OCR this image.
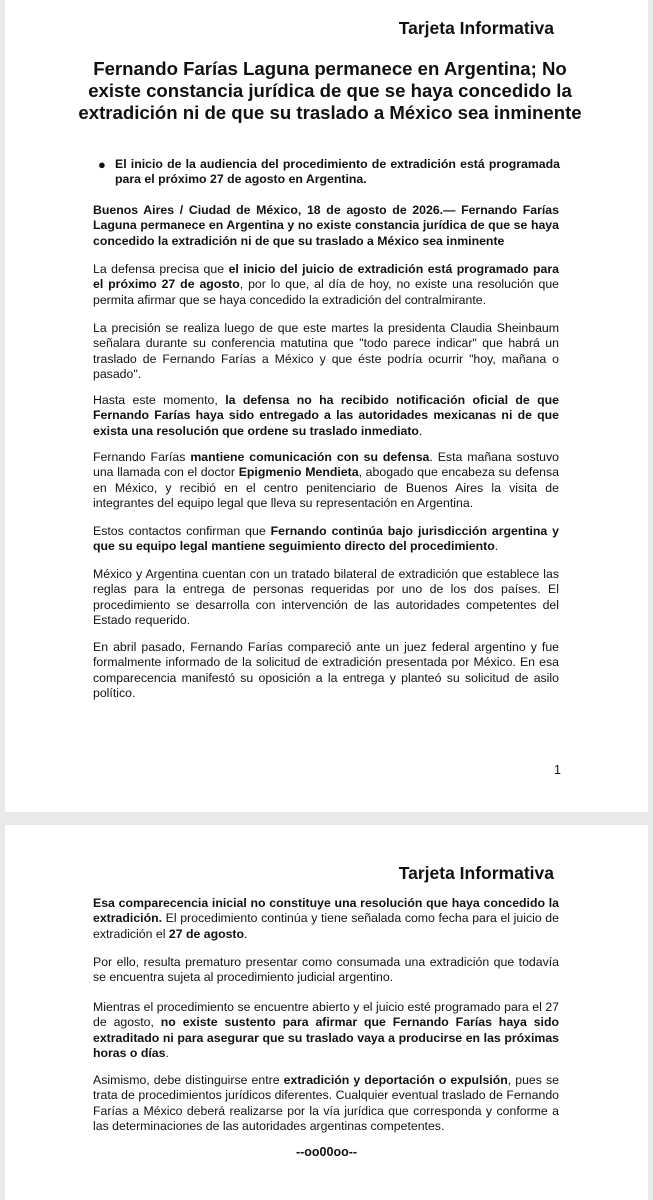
Tarjeta Informativa
Fernando Farías Laguna permanece en Argentina; No existe constancia jurídica de que se haya concedido la extradición ni de que su traslado a México sea inminente
● El inicio de la audiencia del procedimiento de extradición está programada para el próximo 27 de agosto en Argentina.

Buenos Aires / Ciudad de México, 18 de agosto de 2026.— Fernando Farías Laguna permanece en Argentina y no existe constancia jurídica de que se haya concedido la extradición ni de que su traslado a México sea inminente

La defensa precisa que el inicio del juicio de extradición está programado para el próximo 27 de agosto, por lo que, al día de hoy, no existe una resolución que permita afirmar que se haya concedido la extradición del contralmirante.

La precisión se realiza luego de que este martes la presidenta Claudia Sheinbaum señalara durante su conferencia matutina que "todo parece indicar" que habrá un traslado de Fernando Farías a México y que éste podría ocurrir "hoy, mañana o pasado".

Hasta este momento, la defensa no ha recibido notificación oficial de que Fernando Farías haya sido entregado a las autoridades mexicanas ni de que exista una resolución que ordene su traslado inmediato.

Fernando Farías mantiene comunicación con su defensa. Esta mañana sostuvo una llamada con el doctor Epigmenio Mendieta, abogado que encabeza su defensa en México, y recibió en el centro penitenciario de Buenos Aires la visita de integrantes del equipo legal que lleva su representación en Argentina.

Estos contactos confirman que Fernando continúa bajo jurisdicción argentina y que su equipo legal mantiene seguimiento directo del procedimiento.

México y Argentina cuentan con un tratado bilateral de extradición que establece las reglas para la entrega de personas requeridas por uno de los dos países. El procedimiento se desarrolla con intervención de las autoridades competentes del Estado requerido.

En abril pasado, Fernando Farías compareció ante un juez federal argentino y fue formalmente informado de la solicitud de extradición presentada por México. En esa comparecencia manifestó su oposición a la entrega y planteó su solicitud de asilo político.

1
Tarjeta Informativa

Esa comparecencia inicial no constituye una resolución que haya concedido la extradición. El procedimiento continúa y tiene señalada como fecha para el juicio de extradición el 27 de agosto.

Por ello, resulta prematuro presentar como consumada una extradición que todavía se encuentra sujeta al procedimiento judicial argentino.

Mientras el procedimiento se encuentre abierto y el juicio esté programado para el 27 de agosto, no existe sustento para afirmar que Fernando Farías haya sido extraditado ni para asegurar que su traslado vaya a producirse en las próximas horas o días.

Asimismo, debe distinguirse entre extradición y deportación o expulsión, pues se trata de procedimientos jurídicos diferentes. Cualquier eventual traslado de Fernando Farías a México deberá realizarse por la vía jurídica que corresponda y conforme a las determinaciones de las autoridades argentinas competentes.

--oo00oo--
